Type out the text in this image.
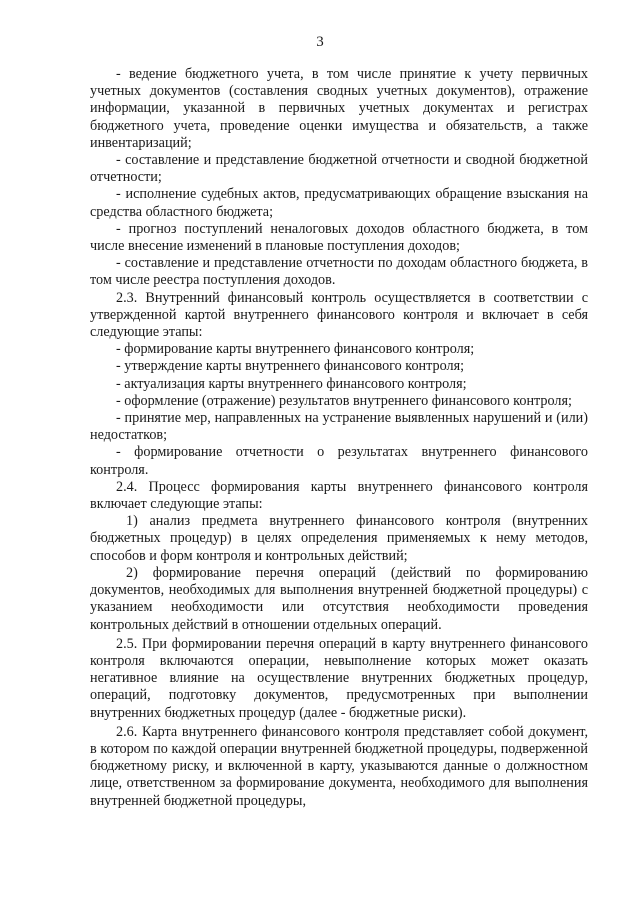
3

- ведение бюджетного учета, в том числе принятие к учету первичных учетных документов (составления сводных учетных документов), отражение информации, указанной в первичных учетных документах и регистрах бюджетного учета, проведение оценки имущества и обязательств, а также инвентаризаций;

- составление и представление бюджетной отчетности и сводной бюджетной отчетности;

- исполнение судебных актов, предусматривающих обращение взыскания на средства областного бюджета;

- прогноз поступлений неналоговых доходов областного бюджета, в том числе внесение изменений в плановые поступления доходов;

- составление и представление отчетности по доходам областного бюджета, в том числе реестра поступления доходов.

2.3. Внутренний финансовый контроль осуществляется в соответствии с утвержденной картой внутреннего финансового контроля и включает в себя следующие этапы:

- формирование карты внутреннего финансового контроля;

- утверждение карты внутреннего финансового контроля;

- актуализация карты внутреннего финансового контроля;

- оформление (отражение) результатов внутреннего финансового контроля;

- принятие мер, направленных на устранение выявленных нарушений и (или) недостатков;

- формирование отчетности о результатах внутреннего финансового контроля.

2.4. Процесс формирования карты внутреннего финансового контроля включает следующие этапы:

1) анализ предмета внутреннего финансового контроля (внутренних бюджетных процедур) в целях определения применяемых к нему методов, способов и форм контроля и контрольных действий;

2) формирование перечня операций (действий по формированию документов, необходимых для выполнения внутренней бюджетной процедуры) с указанием необходимости или отсутствия необходимости проведения контрольных действий в отношении отдельных операций.

2.5. При формировании перечня операций в карту внутреннего финансового контроля включаются операции, невыполнение которых может оказать негативное влияние на осуществление внутренних бюджетных процедур, операций, подготовку документов, предусмотренных при выполнении внутренних бюджетных процедур (далее - бюджетные риски).

2.6. Карта внутреннего финансового контроля представляет собой документ, в котором по каждой операции внутренней бюджетной процедуры, подверженной бюджетному риску, и включенной в карту, указываются данные о должностном лице, ответственном за формирование документа, необходимого для выполнения внутренней бюджетной процедуры,
